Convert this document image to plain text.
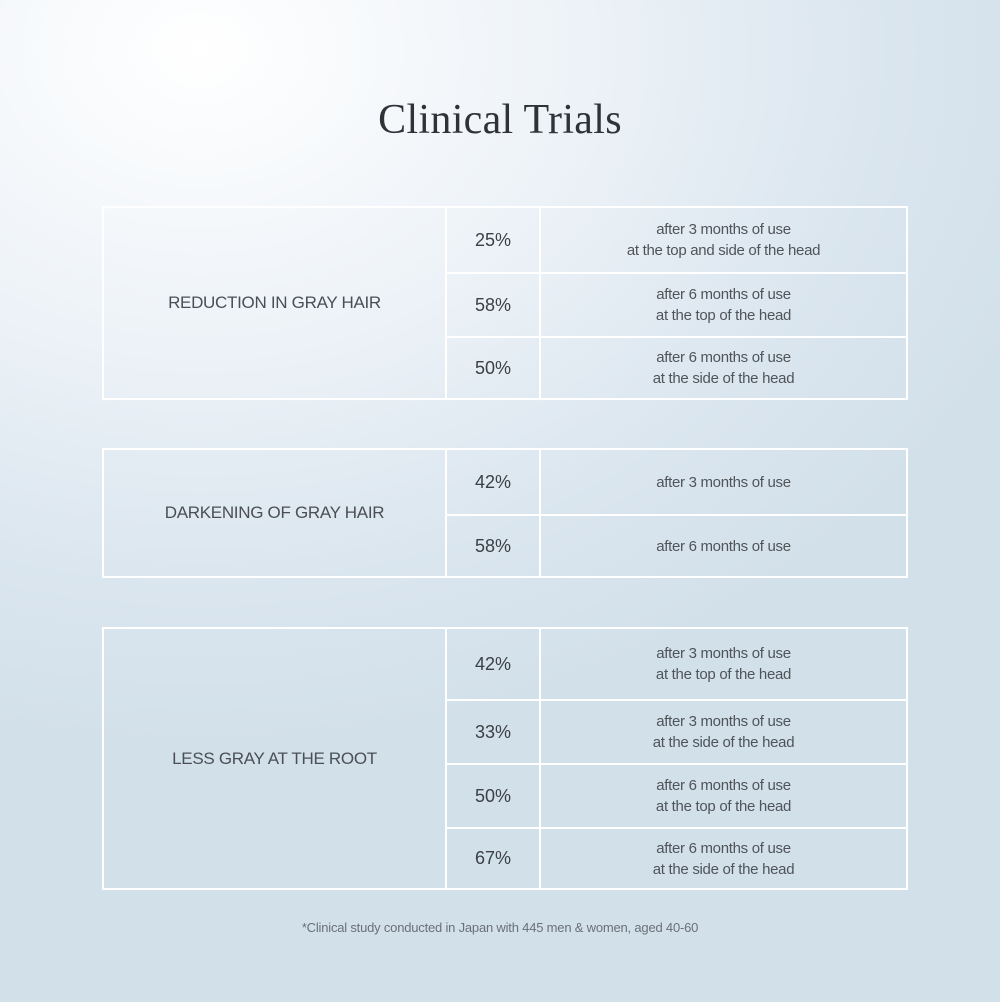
Clinical Trials
REDUCTION IN GRAY HAIR
25%	after 3 months of use
at the top and side of the head
58%	after 6 months of use
at the top of the head
50%	after 6 months of use
at the side of the head
DARKENING OF GRAY HAIR
42%	after 3 months of use
58%	after 6 months of use
LESS GRAY AT THE ROOT
42%	after 3 months of use
at the top of the head
33%	after 3 months of use
at the side of the head
50%	after 6 months of use
at the top of the head
67%	after 6 months of use
at the side of the head
*Clinical study conducted in Japan with 445 men & women, aged 40-60
